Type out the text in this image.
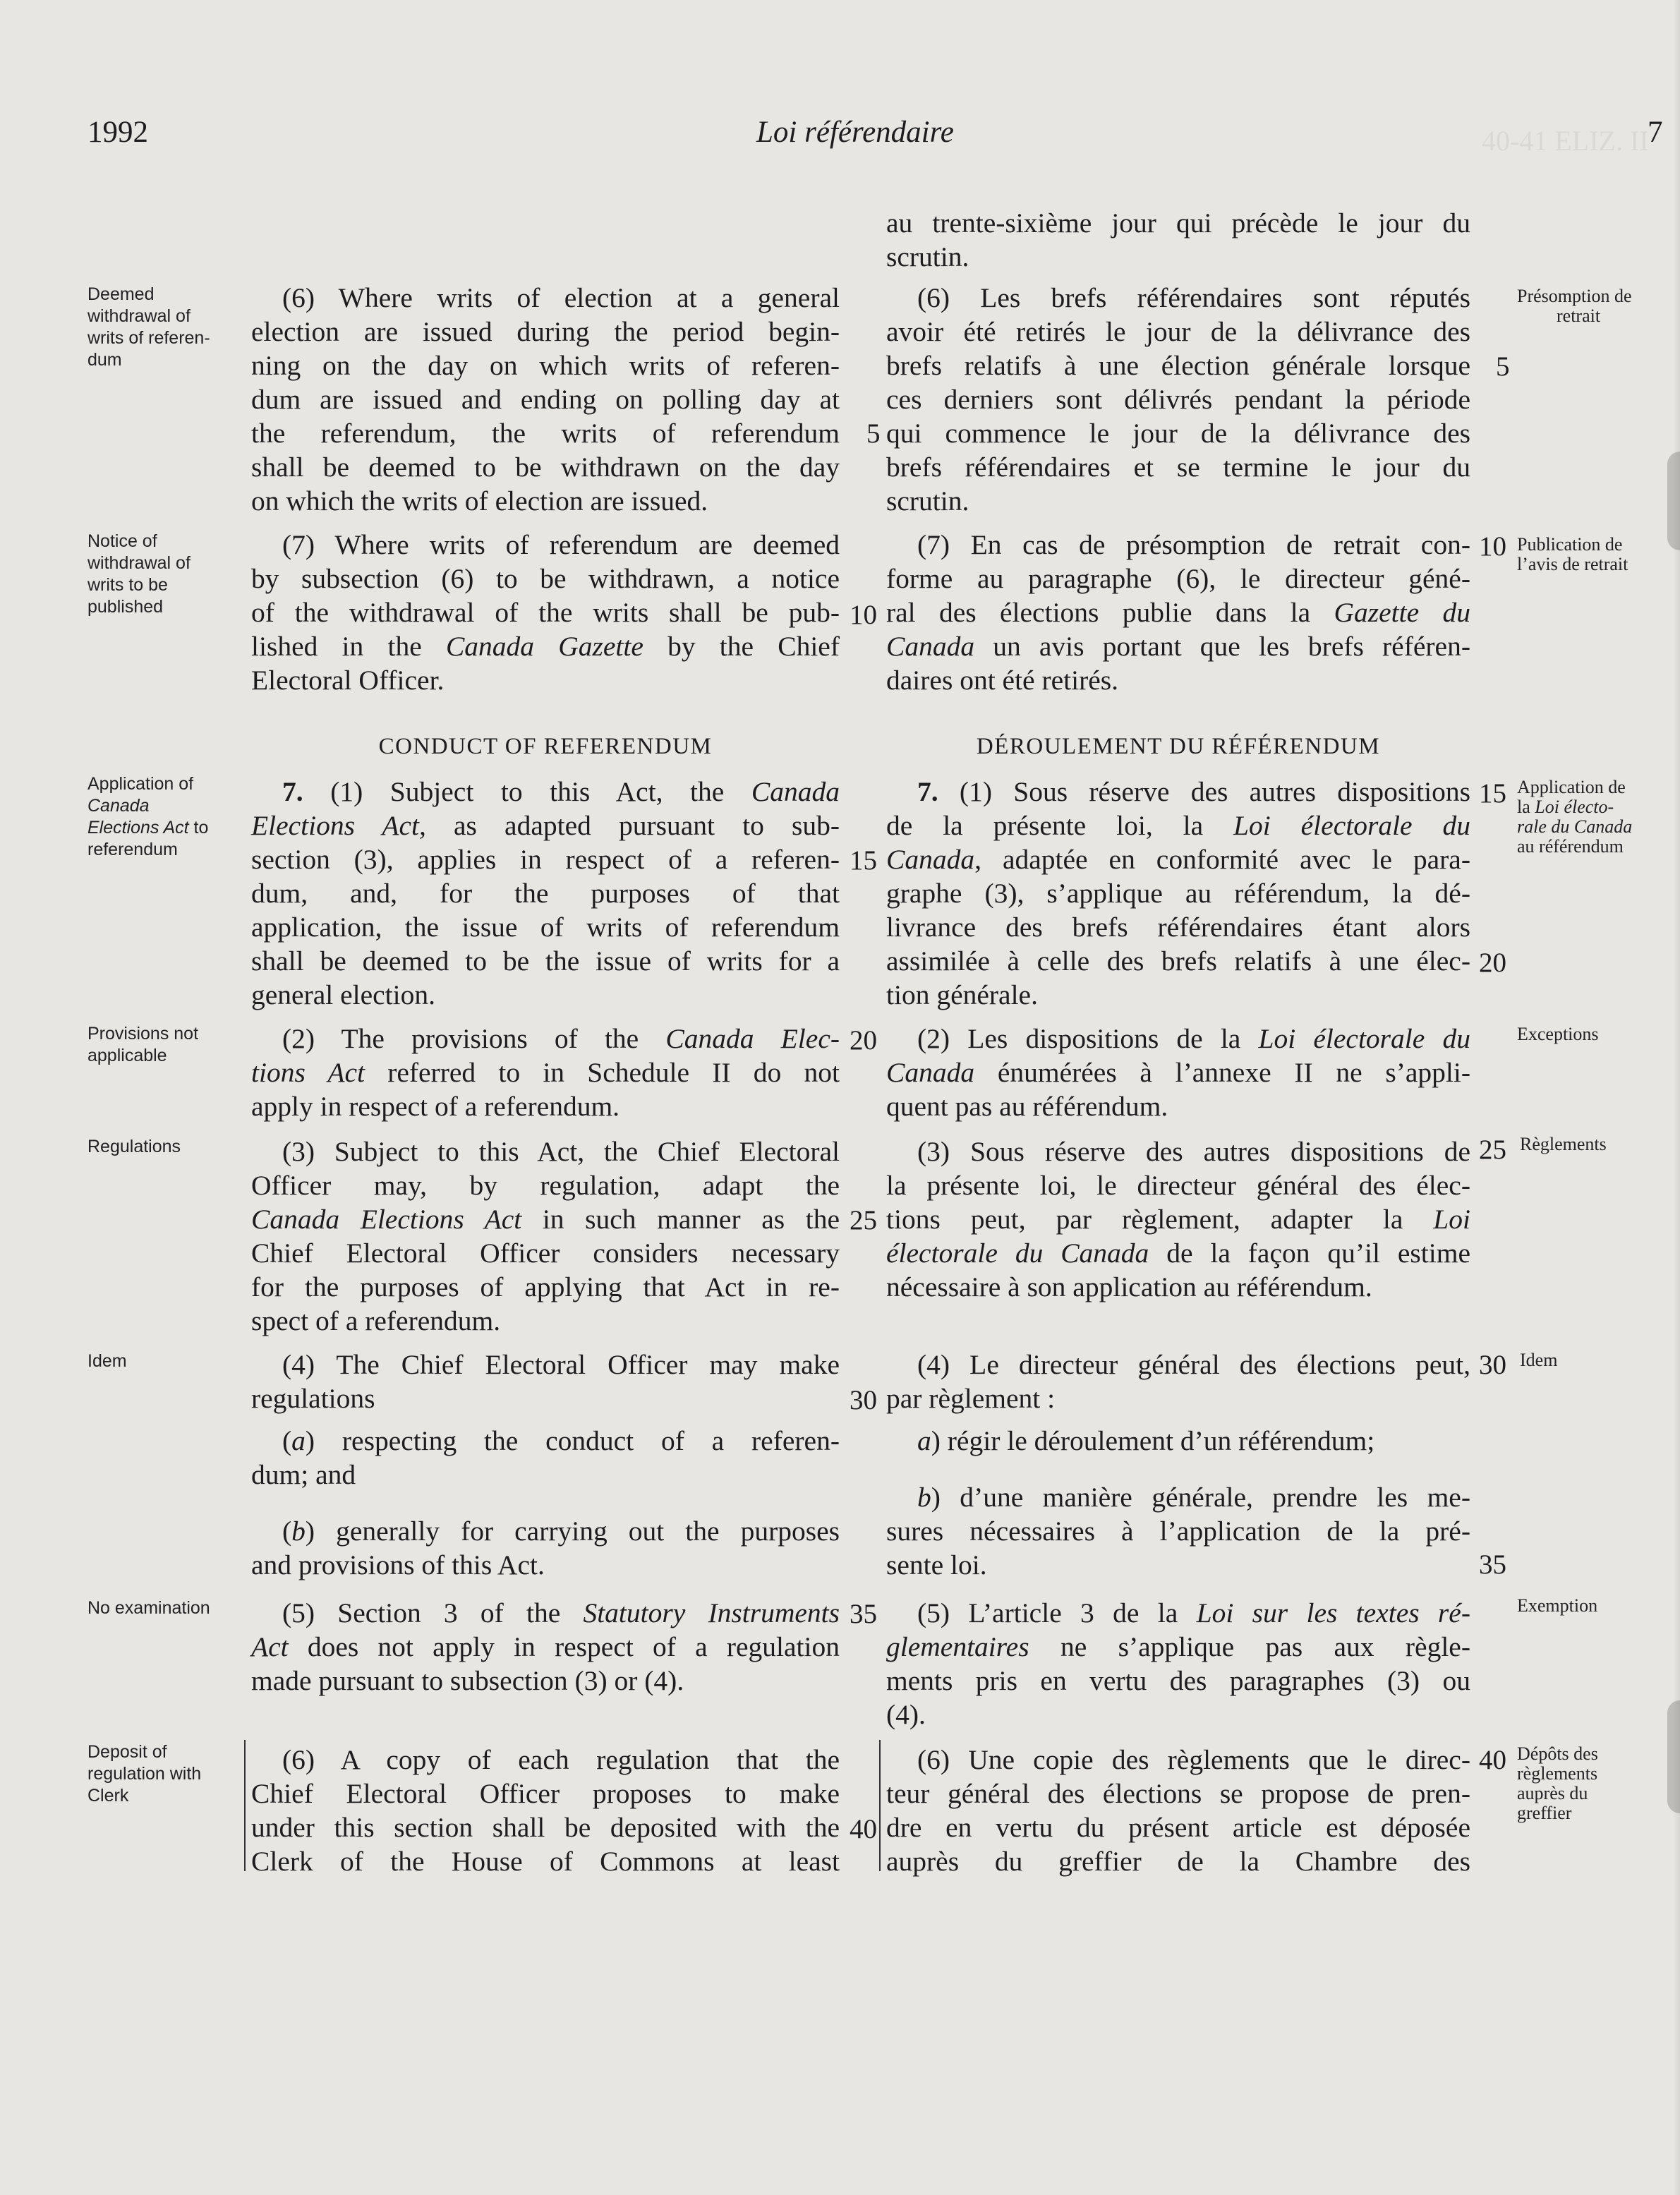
40-41 ELIZ. II
1992	Loi référendaire	7
(6) Where writs of election at a general
election are issued during the period begin-
ning on the day on which writs of referen-
dum are issued and ending on polling day at
the referendum, the writs of referendum
shall be deemed to be withdrawn on the day
on which the writs of election are issued.
(7) Where writs of referendum are deemed
by subsection (6) to be withdrawn, a notice
of the withdrawal of the writs shall be pub-
lished in the Canada Gazette by the Chief
Electoral Officer.
CONDUCT OF REFERENDUM
7. (1) Subject to this Act, the Canada
Elections Act, as adapted pursuant to sub-
section (3), applies in respect of a referen-
dum, and, for the purposes of that
application, the issue of writs of referendum
shall be deemed to be the issue of writs for a
general election.
(2) The provisions of the Canada Elec-
tions Act referred to in Schedule II do not
apply in respect of a referendum.
(3) Subject to this Act, the Chief Electoral
Officer may, by regulation, adapt the
Canada Elections Act in such manner as the
Chief Electoral Officer considers necessary
for the purposes of applying that Act in re-
spect of a referendum.
(4) The Chief Electoral Officer may make
regulations
(a) respecting the conduct of a referen-
dum; and
(b) generally for carrying out the purposes
and provisions of this Act.
(5) Section 3 of the Statutory Instruments
Act does not apply in respect of a regulation
made pursuant to subsection (3) or (4).
(6) A copy of each regulation that the
Chief Electoral Officer proposes to make
under this section shall be deposited with the
Clerk of the House of Commons at least
au trente-sixième jour qui précède le jour du
scrutin.
(6) Les brefs référendaires sont réputés
avoir été retirés le jour de la délivrance des
brefs relatifs à une élection générale lorsque
ces derniers sont délivrés pendant la période
qui commence le jour de la délivrance des
brefs référendaires et se termine le jour du
scrutin.
(7) En cas de présomption de retrait con-
forme au paragraphe (6), le directeur géné-
ral des élections publie dans la Gazette du
Canada un avis portant que les brefs référen-
daires ont été retirés.
DÉROULEMENT DU RÉFÉRENDUM
7. (1) Sous réserve des autres dispositions
de la présente loi, la Loi électorale du
Canada, adaptée en conformité avec le para-
graphe (3), s’applique au référendum, la dé-
livrance des brefs référendaires étant alors
assimilée à celle des brefs relatifs à une élec-
tion générale.
(2) Les dispositions de la Loi électorale du
Canada énumérées à l’annexe II ne s’appli-
quent pas au référendum.
(3) Sous réserve des autres dispositions de
la présente loi, le directeur général des élec-
tions peut, par règlement, adapter la Loi
électorale du Canada de la façon qu’il estime
nécessaire à son application au référendum.
(4) Le directeur général des élections peut,
par règlement :
a) régir le déroulement d’un référendum;
b) d’une manière générale, prendre les me-
sures nécessaires à l’application de la pré-
sente loi.
(5) L’article 3 de la Loi sur les textes ré-
glementaires ne s’applique pas aux règle-
ments pris en vertu des paragraphes (3) ou
(4).
(6) Une copie des règlements que le direc-
teur général des élections se propose de pren-
dre en vertu du présent article est déposée
auprès du greffier de la Chambre des
Deemed
withdrawal of
writs of referen-
dum
Notice of
withdrawal of
writs to be
published
Application of
Canada
Elections Act to
referendum
Provisions not
applicable
Regulations
Idem
No examination
Deposit of
regulation with
Clerk
Présomption de
retrait
Publication de
l’avis de retrait
Application de
la Loi électo-
rale du Canada
au référendum
Exceptions
Règlements
Idem
Exemption
Dépôts des
règlements
auprès du
greffier
5
10
15
20
25
30
35
40
5
10
15
20
25
30
35
40
